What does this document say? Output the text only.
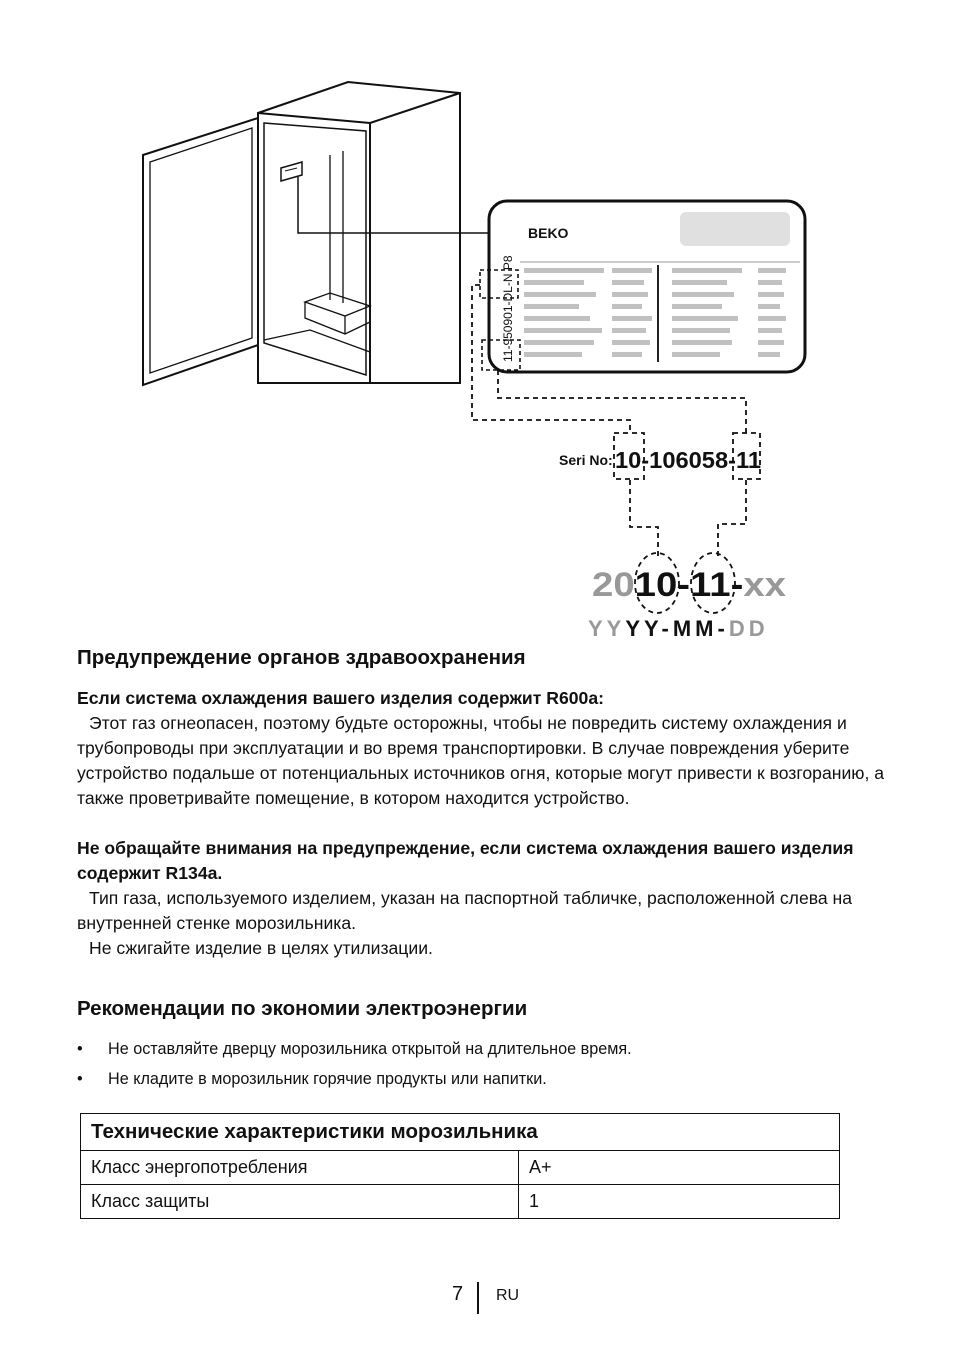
BEKO
11-950901-DL-N P8
Seri No: 10-106058-11
20 10-11- xx
YYYY-MM-DD
Предупреждение органов здравоохранения

Если система охлаждения вашего изделия содержит R600a:

Этот газ огнеопасен, поэтому будьте осторожны, чтобы не повредить систему охлаждения и трубопроводы при эксплуатации и во время транспортировки. В случае повреждения уберите устройство подальше от потенциальных источников огня, которые могут привести к возгоранию, а также проветривайте помещение, в котором находится устройство.

Не обращайте внимания на предупреждение, если система охлаждения вашего изделия содержит R134a.

Тип газа, используемого изделием, указан на паспортной табличке, расположенной слева на внутренней стенке морозильника.

Не сжигайте изделие в целях утилизации.

Рекомендации по экономии электроэнергии
• Не оставляйте дверцу морозильника открытой на длительное время.
• Не кладите в морозильник горячие продукты или напитки.
Технические характеристики морозильника	
Класс энергопотребления	A+
Класс защиты	1
7 RU
